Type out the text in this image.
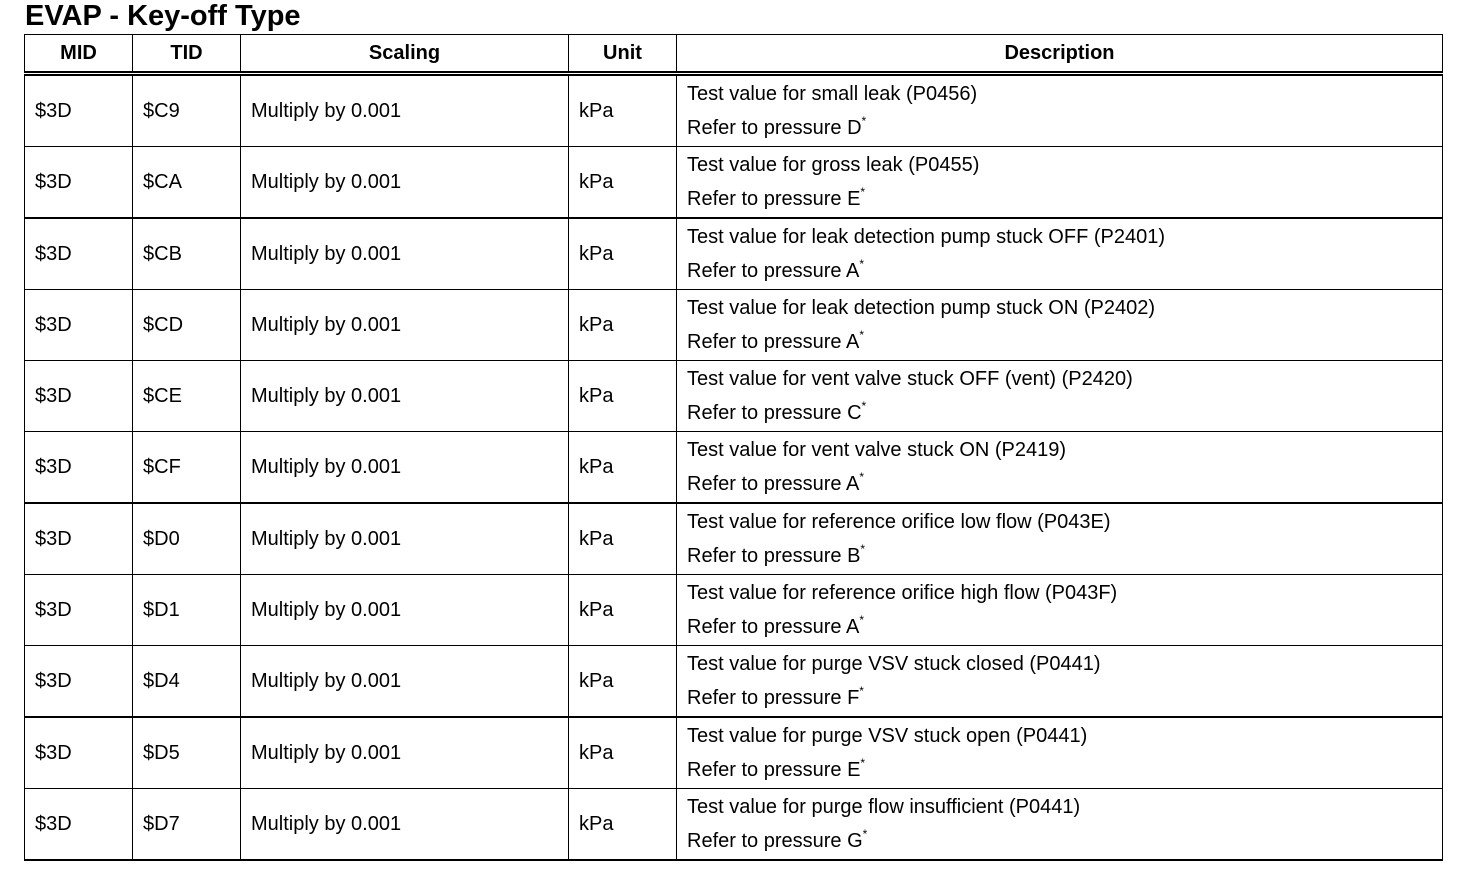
EVAP - Key-off Type
MID	TID	Scaling	Unit	Description
$3D	$C9	Multiply by 0.001	kPa	Test value for small leak (P0456)
Refer to pressure D*

$3D	$CA	Multiply by 0.001	kPa	Test value for gross leak (P0455)
Refer to pressure E*

$3D	$CB	Multiply by 0.001	kPa	Test value for leak detection pump stuck OFF (P2401)
Refer to pressure A*

$3D	$CD	Multiply by 0.001	kPa	Test value for leak detection pump stuck ON (P2402)
Refer to pressure A*

$3D	$CE	Multiply by 0.001	kPa	Test value for vent valve stuck OFF (vent) (P2420)
Refer to pressure C*

$3D	$CF	Multiply by 0.001	kPa	Test value for vent valve stuck ON (P2419)
Refer to pressure A*

$3D	$D0	Multiply by 0.001	kPa	Test value for reference orifice low flow (P043E)
Refer to pressure B*

$3D	$D1	Multiply by 0.001	kPa	Test value for reference orifice high flow (P043F)
Refer to pressure A*

$3D	$D4	Multiply by 0.001	kPa	Test value for purge VSV stuck closed (P0441)
Refer to pressure F*

$3D	$D5	Multiply by 0.001	kPa	Test value for purge VSV stuck open (P0441)
Refer to pressure E*

$3D	$D7	Multiply by 0.001	kPa	Test value for purge flow insufficient (P0441)
Refer to pressure G*
